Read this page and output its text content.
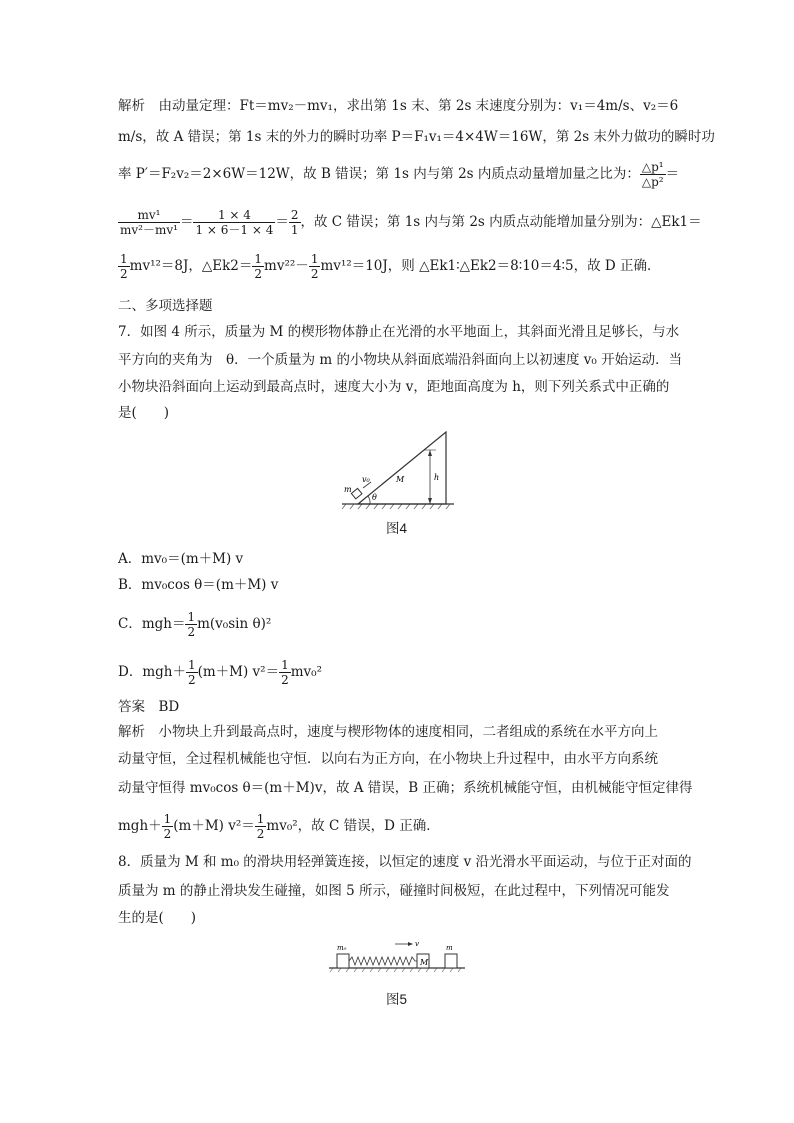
解析　由动量定理：Ft＝mv₂－mv₁，求出第 1s 末、第 2s 末速度分别为：v₁＝4m/s、v₂＝6
m/s，故 A 错误；第 1s 末的外力的瞬时功率 P＝F₁v₁＝4×4W＝16W，第 2s 末外力做功的瞬时功
率 P′＝F₂v₂＝2×6W＝12W，故 B 错误；第 1s 内与第 2s 内质点动量增加量之比为： $\frac{\text{△p¹}}{\text{△p²}}$ ＝
$\frac{\text{mv¹}}{\text{mv²－mv¹}} = \frac{1 \times 4}{1 \times 6-1 \times 4} = \frac{2}{1}$ ，故 C 错误；第 1s 内与第 2s 内质点动能增加量分别为：△Ek1＝
$\frac{1}{2} mv^{12}=8J$，△Ek2＝ $\frac{1}{2} mv^{22}- \frac{1}{2} mv^{12}=10J$，则 △Ek1∶△Ek2＝8∶10＝4∶5，故 D 正确．
二、多项选择题
7．如图 4 所示，质量为 M 的楔形物体静止在光滑的水平地面上，其斜面光滑且足够长，与水
平方向的夹角为　θ．一个质量为 m 的小物块从斜面底端沿斜面向上以初速度 v₀ 开始运动．当
小物块沿斜面向上运动到最高点时，速度大小为 v，距地面高度为 h，则下列关系式中正确的
是(　　)
m
v₀	M	h
θ
图4
A．mv₀＝(m＋M) v
B．mv₀cos θ＝(m＋M) v
C．$mgh= \frac{1}{2} m(v_0\sin$ θ)²
D．$mgh+ \frac{1}{2} (m+M)$ $v^2= \frac{1}{2} mv_0^2$
答案　BD
解析　小物块上升到最高点时，速度与楔形物体的速度相同，二者组成的系统在水平方向上
动量守恒，全过程机械能也守恒．以向右为正方向，在小物块上升过程中，由水平方向系统
动量守恒得 mv₀cos θ＝(m＋M)v，故 A 错误，B 正确；系统机械能守恒，由机械能守恒定律得
$mgh+ \frac{1}{2} (m+M)$ $v^2= \frac{1}{2} mv_0^2$，故 C 错误，D 正确．
8．质量为 M 和 m₀ 的滑块用轻弹簧连接，以恒定的速度 v 沿光滑水平面运动，与位于正对面的
质量为 m 的静止滑块发生碰撞，如图 5 所示，碰撞时间极短，在此过程中，下列情况可能发
生的是(　　)
m₀	v
M
m
图5
